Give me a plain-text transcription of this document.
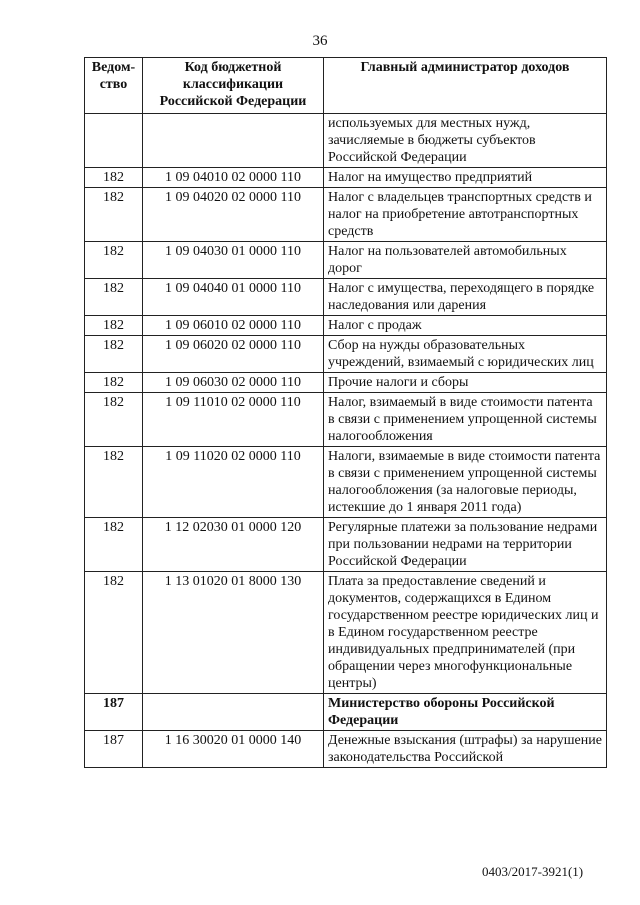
36
Ведом-ство	Код бюджетной классификации Российской Федерации	Главный администратор доходов
		используемых для местных нужд, зачисляемые в бюджеты субъектов Российской Федерации
182	1 09 04010 02 0000 110	Налог на имущество предприятий
182	1 09 04020 02 0000 110	Налог с владельцев транспортных средств и налог на приобретение автотранспортных средств
182	1 09 04030 01 0000 110	Налог на пользователей автомобильных дорог
182	1 09 04040 01 0000 110	Налог с имущества, переходящего в порядке наследования или дарения
182	1 09 06010 02 0000 110	Налог с продаж
182	1 09 06020 02 0000 110	Сбор на нужды образовательных учреждений, взимаемый с юридических лиц
182	1 09 06030 02 0000 110	Прочие налоги и сборы
182	1 09 11010 02 0000 110	Налог, взимаемый в виде стоимости патента в связи с применением упрощенной системы налогообложения
182	1 09 11020 02 0000 110	Налоги, взимаемые в виде стоимости патента в связи с применением упрощенной системы налогообложения (за налоговые периоды, истекшие до 1 января 2011 года)
182	1 12 02030 01 0000 120	Регулярные платежи за пользование недрами при пользовании недрами на территории Российской Федерации
182	1 13 01020 01 8000 130	Плата за предоставление сведений и документов, содержащихся в Едином государственном реестре юридических лиц и в Едином государственном реестре индивидуальных предпринимателей (при обращении через многофункциональные центры)
187		Министерство обороны Российской Федерации
187	1 16 30020 01 0000 140	Денежные взыскания (штрафы) за нарушение законодательства Российской
0403/2017-3921(1)
